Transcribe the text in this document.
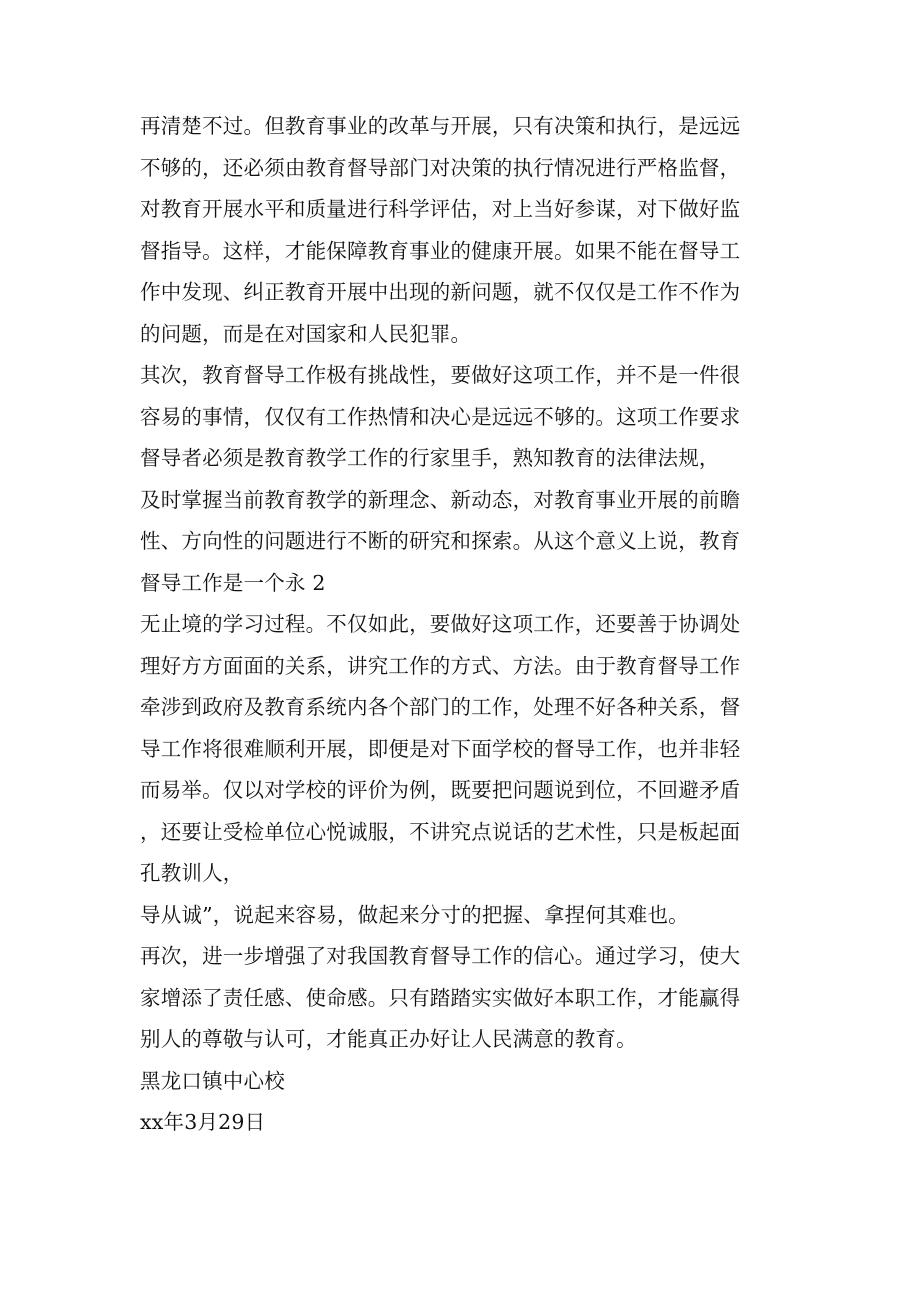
再清楚不过。但教育事业的改革与开展，只有决策和执行，是远远
不够的，还必须由教育督导部门对决策的执行情况进行严格监督，
对教育开展水平和质量进行科学评估，对上当好参谋，对下做好监
督指导。这样，才能保障教育事业的健康开展。如果不能在督导工
作中发现、纠正教育开展中出现的新问题，就不仅仅是工作不作为
的问题，而是在对国家和人民犯罪。
其次，教育督导工作极有挑战性，要做好这项工作，并不是一件很
容易的事情，仅仅有工作热情和决心是远远不够的。这项工作要求
督导者必须是教育教学工作的行家里手，熟知教育的法律法规，
及时掌握当前教育教学的新理念、新动态，对教育事业开展的前瞻
性、方向性的问题进行不断的研究和探索。从这个意义上说，教育
督导工作是一个永 2
无止境的学习过程。不仅如此，要做好这项工作，还要善于协调处
理好方方面面的关系，讲究工作的方式、方法。由于教育督导工作
牵涉到政府及教育系统内各个部门的工作，处理不好各种关系，督
导工作将很难顺利开展，即便是对下面学校的督导工作，也并非轻
而易举。仅以对学校的评价为例，既要把问题说到位，不回避矛盾
，还要让受检单位心悦诚服，不讲究点说话的艺术性，只是板起面
孔教训人，
导从诚”，说起来容易，做起来分寸的把握、拿捏何其难也。
再次，进一步增强了对我国教育督导工作的信心。通过学习，使大
家增添了责任感、使命感。只有踏踏实实做好本职工作，才能赢得
别人的尊敬与认可，才能真正办好让人民满意的教育。
黑龙口镇中心校
xx年3月29日
